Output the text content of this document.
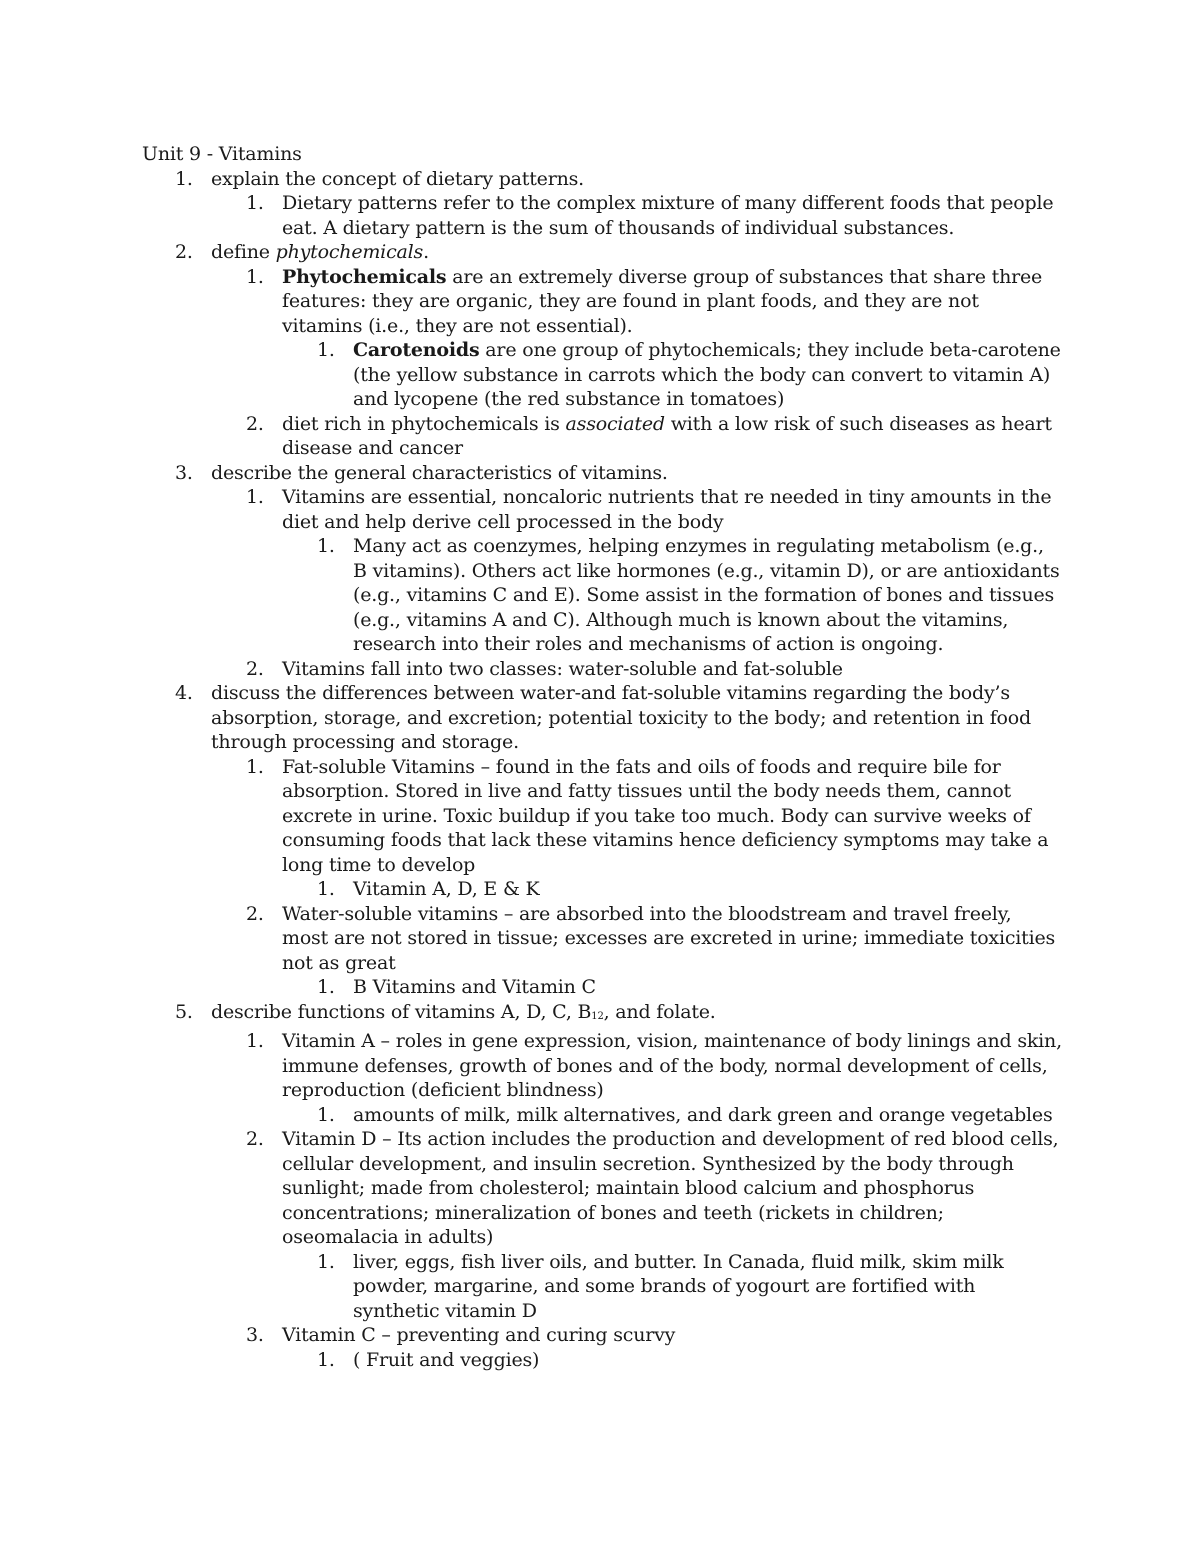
Unit 9 - Vitamins
1. explain the concept of dietary patterns.
1. Dietary patterns refer to the complex mixture of many different foods that people eat. A dietary pattern is the sum of thousands of individual substances.
2. define phytochemicals.
1. Phytochemicals are an extremely diverse group of substances that share three features: they are organic, they are found in plant foods, and they are not vitamins (i.e., they are not essential).
1. Carotenoids are one group of phytochemicals; they include beta-carotene (the yellow substance in carrots which the body can convert to vitamin A) and lycopene (the red substance in tomatoes)
2. diet rich in phytochemicals is associated with a low risk of such diseases as heart disease and cancer
3. describe the general characteristics of vitamins.
1. Vitamins are essential, noncaloric nutrients that re needed in tiny amounts in the diet and help derive cell processed in the body
1. Many act as coenzymes, helping enzymes in regulating metabolism (e.g., B vitamins). Others act like hormones (e.g., vitamin D), or are antioxidants (e.g., vitamins C and E). Some assist in the formation of bones and tissues (e.g., vitamins A and C). Although much is known about the vitamins, research into their roles and mechanisms of action is ongoing.
2. Vitamins fall into two classes: water-soluble and fat-soluble
4. discuss the differences between water-and fat-soluble vitamins regarding the body’s absorption, storage, and excretion; potential toxicity to the body; and retention in food through processing and storage.
1. Fat-soluble Vitamins – found in the fats and oils of foods and require bile for absorption. Stored in live and fatty tissues until the body needs them, cannot excrete in urine. Toxic buildup if you take too much. Body can survive weeks of consuming foods that lack these vitamins hence deficiency symptoms may take a long time to develop
1. Vitamin A, D, E & K
2. Water-soluble vitamins – are absorbed into the bloodstream and travel freely, most are not stored in tissue; excesses are excreted in urine; immediate toxicities not as great
1. B Vitamins and Vitamin C
5. describe functions of vitamins A, D, C, $B_{12}$, and folate.
1. Vitamin A – roles in gene expression, vision, maintenance of body linings and skin, immune defenses, growth of bones and of the body, normal development of cells, reproduction (deficient blindness)
1. amounts of milk, milk alternatives, and dark green and orange vegetables
2. Vitamin D – Its action includes the production and development of red blood cells, cellular development, and insulin secretion. Synthesized by the body through sunlight; made from cholesterol; maintain blood calcium and phosphorus concentrations; mineralization of bones and teeth (rickets in children; oseomalacia in adults)
1. liver, eggs, fish liver oils, and butter. In Canada, fluid milk, skim milk powder, margarine, and some brands of yogourt are fortified with synthetic vitamin D
3. Vitamin C – preventing and curing scurvy
1. ( Fruit and veggies)
